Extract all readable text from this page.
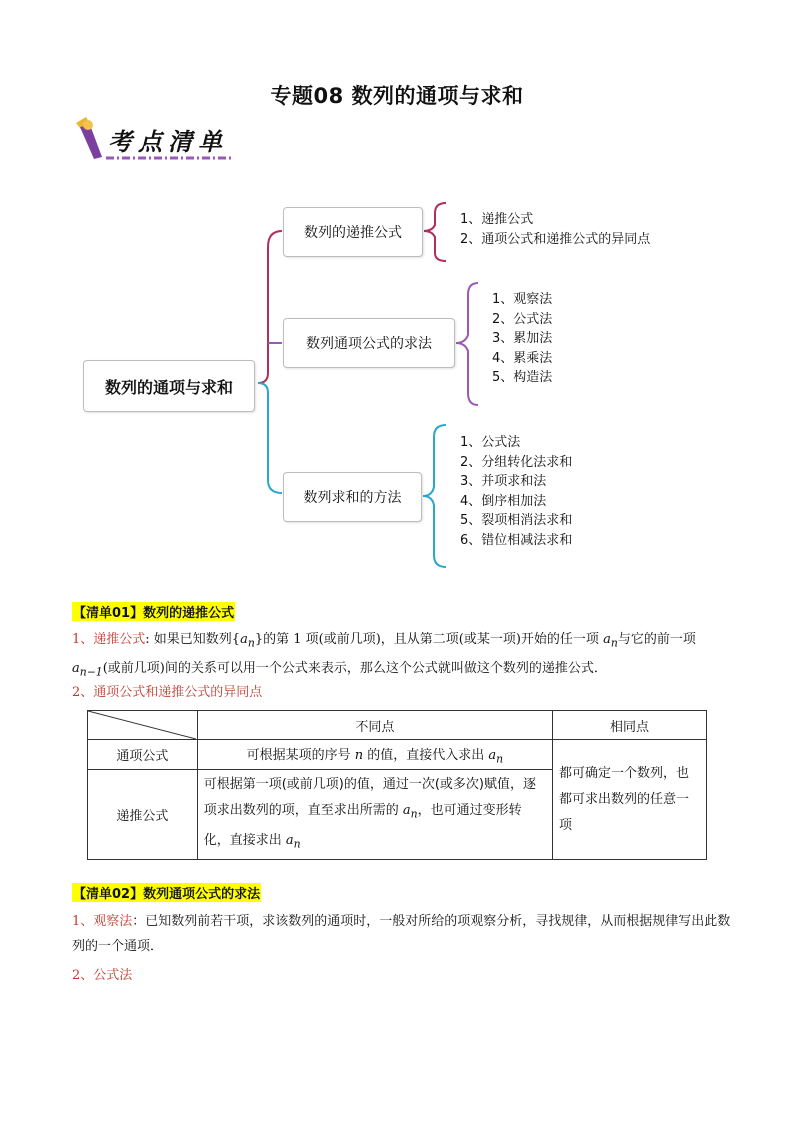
专题08 数列的通项与求和
考点清单
数列的通项与求和
数列的递推公式
数列通项公式的求法
数列求和的方法
1、递推公式
2、通项公式和递推公式的异同点
1、观察法
2、公式法
3、累加法
4、累乘法
5、构造法
1、公式法
2、分组转化法求和
3、并项求和法
4、倒序相加法
5、裂项相消法求和
6、错位相减法求和
【清单01】数列的递推公式
1、递推公式: 如果已知数列$\{a_n\}$的第 1 项(或前几项)，且从第二项(或某一项)开始的任一项 $a_n$与它的前一项$a_{n-1}$(或前几项)间的关系可以用一个公式来表示，那么这个公式就叫做这个数列的递推公式．
2、通项公式和递推公式的异同点
	不同点	相同点
通项公式	可根据某项的序号 n 的值，直接代入求出 $a_n$	都可确定一个数列，也都可求出数列的任意一项
递推公式	可根据第一项(或前几项)的值，通过一次(或多次)赋值，逐项求出数列的项，直至求出所需的 $a_n$，也可通过变形转化，直接求出 $a_n$
【清单02】数列通项公式的求法
1、观察法：已知数列前若干项，求该数列的通项时，一般对所给的项观察分析，寻找规律，从而根据规律写出此数列的一个通项．
2、公式法
